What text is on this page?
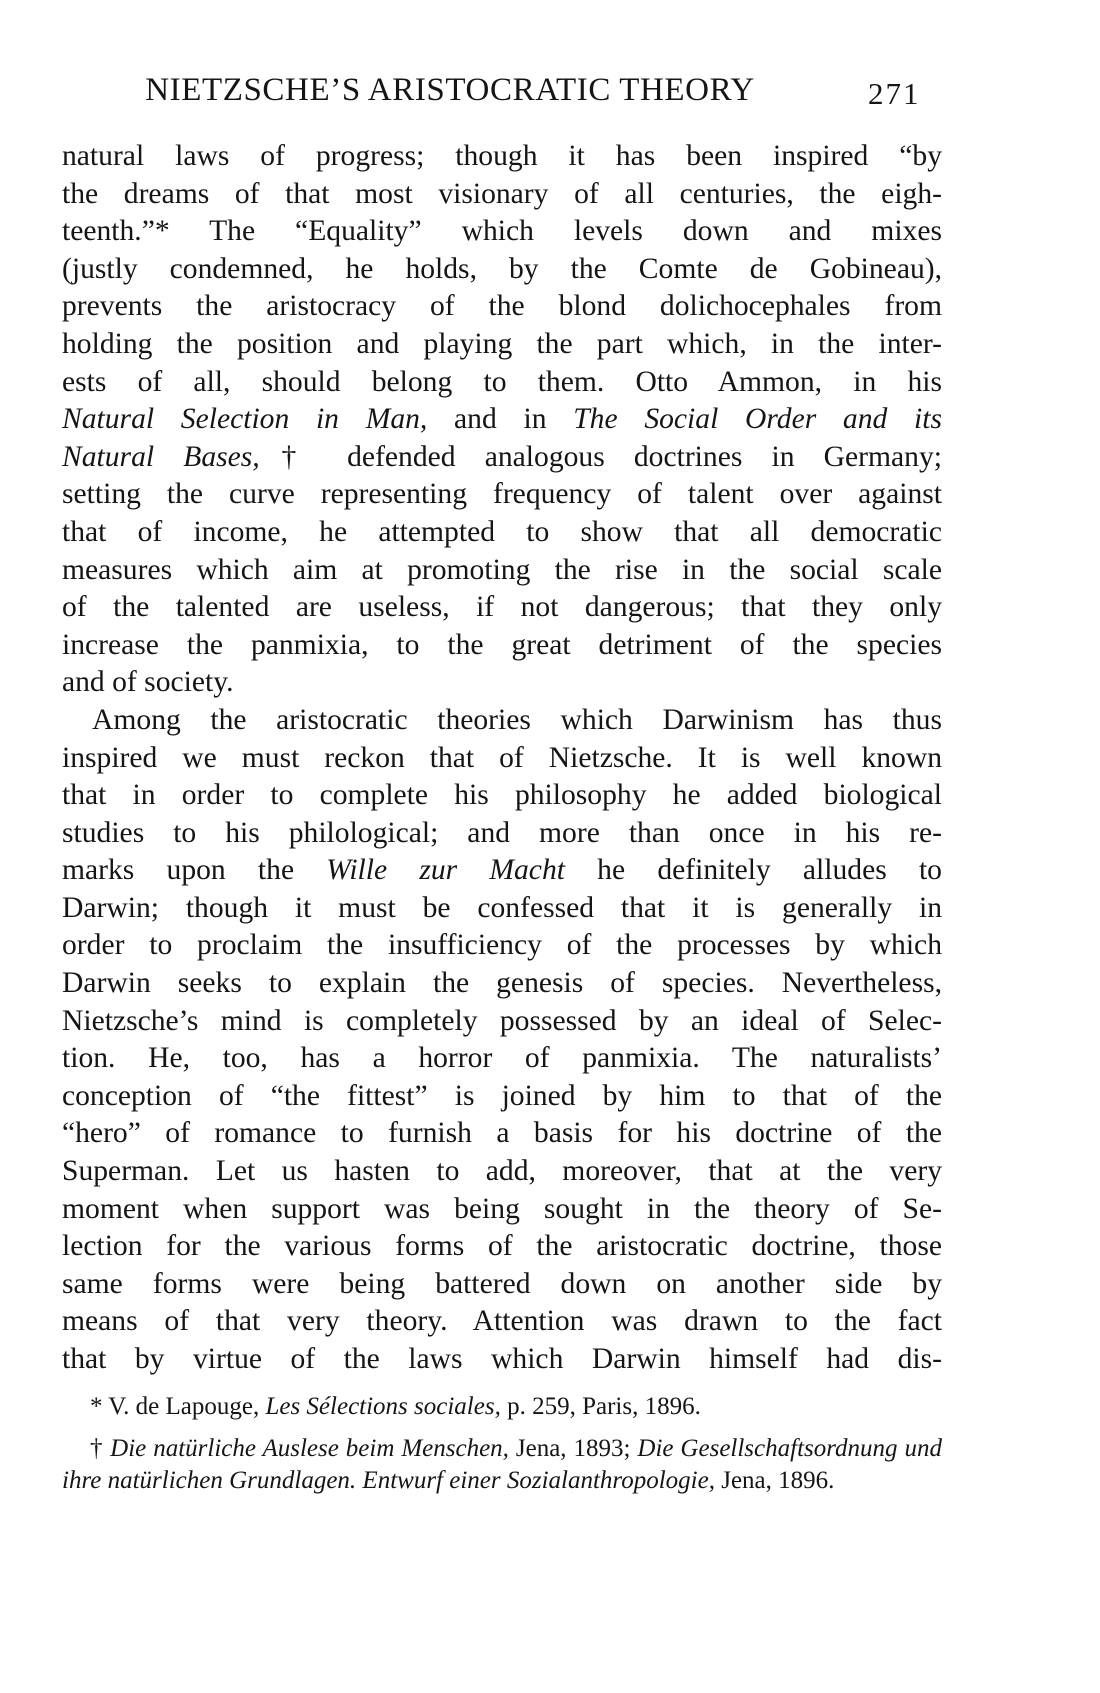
NIETZSCHE’S ARISTOCRATIC THEORY	271
natural laws of progress; though it has been inspired “by
the dreams of that most visionary of all centuries, the eigh-
teenth.”* The “Equality” which levels down and mixes
(justly condemned, he holds, by the Comte de Gobineau),
prevents the aristocracy of the blond dolichocephales from
holding the position and playing the part which, in the inter-
ests of all, should belong to them. Otto Ammon, in his
Natural Selection in Man, and in The Social Order and its
Natural Bases,† defended analogous doctrines in Germany;
setting the curve representing frequency of talent over against
that of income, he attempted to show that all democratic
measures which aim at promoting the rise in the social scale
of the talented are useless, if not dangerous; that they only
increase the panmixia, to the great detriment of the species
and of society.
Among the aristocratic theories which Darwinism has thus
inspired we must reckon that of Nietzsche. It is well known
that in order to complete his philosophy he added biological
studies to his philological; and more than once in his re-
marks upon the Wille zur Macht he definitely alludes to
Darwin; though it must be confessed that it is generally in
order to proclaim the insufficiency of the processes by which
Darwin seeks to explain the genesis of species. Nevertheless,
Nietzsche’s mind is completely possessed by an ideal of Selec-
tion. He, too, has a horror of panmixia. The naturalists’
conception of “the fittest” is joined by him to that of the
“hero” of romance to furnish a basis for his doctrine of the
Superman. Let us hasten to add, moreover, that at the very
moment when support was being sought in the theory of Se-
lection for the various forms of the aristocratic doctrine, those
same forms were being battered down on another side by
means of that very theory. Attention was drawn to the fact
that by virtue of the laws which Darwin himself had dis-
* V. de Lapouge, Les Sélections sociales, p. 259, Paris, 1896.
† Die natürliche Auslese beim Menschen, Jena, 1893; Die Gesellschaftsordnung und ihre natürlichen Grundlagen. Entwurf einer Sozialanthropologie, Jena, 1896.
